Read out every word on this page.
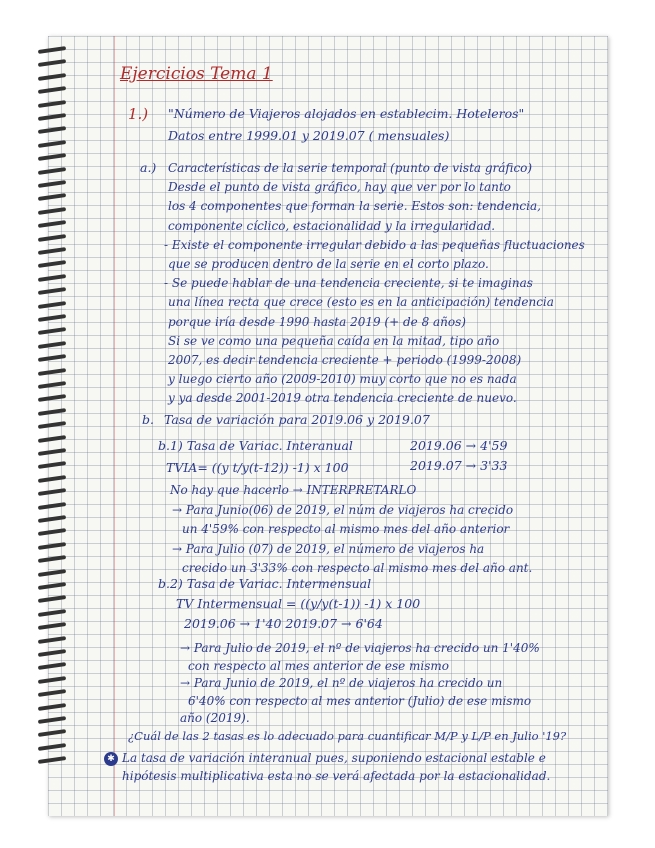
Ejercicios Tema 1
1.) "Número de Viajeros alojados en establecim. Hoteleros"
Datos entre 1999.01 y 2019.07 ( mensuales)
a.) Características de la serie temporal (punto de vista gráfico)
Desde el punto de vista gráfico, hay que ver por lo tanto
los 4 componentes que forman la serie. Estos son: tendencia,
componente cíclico, estacionalidad y la irregularidad.
- Existe el componente irregular debido a las pequeñas fluctuaciones
que se producen dentro de la serie en el corto plazo.
- Se puede hablar de una tendencia creciente, si te imaginas
una línea recta que crece (esto es en la anticipación) tendencia
porque iría desde 1990 hasta 2019 (+ de 8 años)
Si se ve como una pequeña caída en la mitad, tipo año
2007, es decir tendencia creciente + periodo (1999-2008)
y luego cierto año (2009-2010) muy corto que no es nada
y ya desde 2001-2019 otra tendencia creciente de nuevo.
b. Tasa de variación para 2019.06 y 2019.07
b.1) Tasa de Variac. Interanual
TVIA= ((y t/y(t-12)) -1) x 100
2019.06 → 4'59
2019.07 → 3'33
No hay que hacerlo → INTERPRETARLO
→ Para Junio(06) de 2019, el núm de viajeros ha crecido
un 4'59% con respecto al mismo mes del año anterior
→ Para Julio (07) de 2019, el número de viajeros ha
crecido un 3'33% con respecto al mismo mes del año ant.
b.2) Tasa de Variac. Intermensual
TV Intermensual = ((y/y(t-1)) -1) x 100
2019.06 → 1'40 2019.07 → 6'64
→ Para Julio de 2019, el nº de viajeros ha crecido un 1'40%
con respecto al mes anterior de ese mismo
→ Para Junio de 2019, el nº de viajeros ha crecido un
6'40% con respecto al mes anterior (Julio) de ese mismo
año (2019).
¿Cuál de las 2 tasas es lo adecuado para cuantificar M/P y L/P en Julio '19?
✱ La tasa de variación interanual pues, suponiendo estacional estable e
hipótesis multiplicativa esta no se verá afectada por la estacionalidad.
